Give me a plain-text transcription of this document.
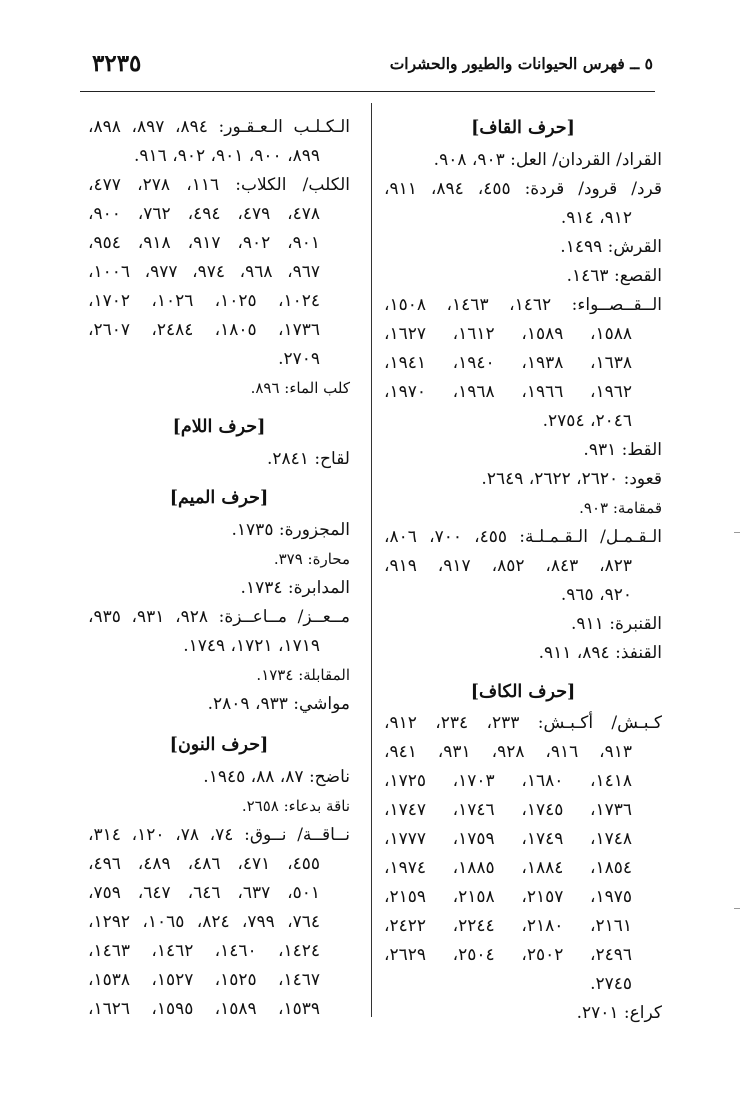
٣٢٣٥	٥ ــ فهرس الحيوانات والطيور والحشرات
[حرف القاف]
القراد/ القردان/ العل: ٩٠٣، ٩٠٨.
قرد/ قرود/ قردة: ٤٥٥، ٨٩٤، ٩١١،
٩١٢، ٩١٤.
القرش: ١٤٩٩.
القصع: ١٤٦٣.
الــقــصــواء: ١٤٦٢، ١٤٦٣، ١٥٠٨،
١٥٨٨، ١٥٨٩، ١٦١٢، ١٦٢٧،
١٦٣٨، ١٩٣٨، ١٩٤٠، ١٩٤١،
١٩٦٢، ١٩٦٦، ١٩٦٨، ١٩٧٠،
٢٠٤٦، ٢٧٥٤.
القط: ٩٣١.
قعود: ٢٦٢٠، ٢٦٢٢، ٢٦٤٩.
قمقامة: ٩٠٣.
الـقـمـل/ الـقـمـلـة: ٤٥٥، ٧٠٠، ٨٠٦،
٨٢٣، ٨٤٣، ٨٥٢، ٩١٧، ٩١٩،
٩٢٠، ٩٦٥.
القنبرة: ٩١١.
القنفذ: ٨٩٤، ٩١١.
[حرف الكاف]
كـبـش/ أكـبـش: ٢٣٣، ٢٣٤، ٩١٢،
٩١٣، ٩١٦، ٩٢٨، ٩٣١، ٩٤١،
١٤١٨، ١٦٨٠، ١٧٠٣، ١٧٢٥،
١٧٣٦، ١٧٤٥، ١٧٤٦، ١٧٤٧،
١٧٤٨، ١٧٤٩، ١٧٥٩، ١٧٧٧،
١٨٥٤، ١٨٨٤، ١٨٨٥، ١٩٧٤،
١٩٧٥، ٢١٥٧، ٢١٥٨، ٢١٥٩،
٢١٦١، ٢١٨٠، ٢٢٤٤، ٢٤٢٢،
٢٤٩٦، ٢٥٠٢، ٢٥٠٤، ٢٦٢٩،
٢٧٤٥.
كراع: ٢٧٠١.
الـكـلـب الـعـقـور: ٨٩٤، ٨٩٧، ٨٩٨،
٨٩٩، ٩٠٠، ٩٠١، ٩٠٢، ٩١٦.
الكلب/ الكلاب: ١١٦، ٢٧٨، ٤٧٧،
٤٧٨، ٤٧٩، ٤٩٤، ٧٦٢، ٩٠٠،
٩٠١، ٩٠٢، ٩١٧، ٩١٨، ٩٥٤،
٩٦٧، ٩٦٨، ٩٧٤، ٩٧٧، ١٠٠٦،
١٠٢٤، ١٠٢٥، ١٠٢٦، ١٧٠٢،
١٧٣٦، ١٨٠٥، ٢٤٨٤، ٢٦٠٧،
٢٧٠٩.
كلب الماء: ٨٩٦.
[حرف اللام]
لقاح: ٢٨٤١.
[حرف الميم]
المجزورة: ١٧٣٥.
محارة: ٣٧٩.
المدابرة: ١٧٣٤.
مــعــز/ مــاعــزة: ٩٢٨، ٩٣١، ٩٣٥،
١٧١٩، ١٧٢١، ١٧٤٩.
المقابلة: ١٧٣٤.
مواشي: ٩٣٣، ٢٨٠٩.
[حرف النون]
ناضح: ٨٧، ٨٨، ١٩٤٥.
ناقة بدعاء: ٢٦٥٨.
نــاقــة/ نــوق: ٧٤، ٧٨، ١٢٠، ٣١٤،
٤٥٥، ٤٧١، ٤٨٦، ٤٨٩، ٤٩٦،
٥٠١، ٦٣٧، ٦٤٦، ٦٤٧، ٧٥٩،
٧٦٤، ٧٩٩، ٨٢٤، ١٠٦٥، ١٢٩٢،
١٤٢٤، ١٤٦٠، ١٤٦٢، ١٤٦٣،
١٤٦٧، ١٥٢٥، ١٥٢٧، ١٥٣٨،
١٥٣٩، ١٥٨٩، ١٥٩٥، ١٦٢٦،
